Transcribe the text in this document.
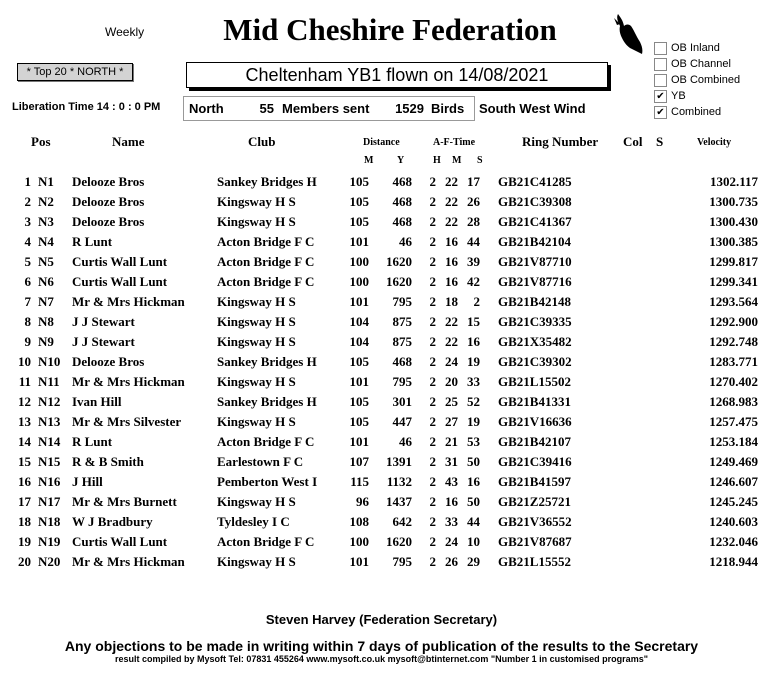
Weekly	Mid Cheshire Federation
* Top 20 * NORTH *	Cheltenham YB1 flown on 14/08/2021
Liberation Time 14 : 0 : 0 PM North	55 Members sent	1529 Birds South West Wind
OB Inland
OB Channel
OB Combined
✔ YB
✔ Combined
Pos	Name	Club	Distance	A-F-Time	Ring Number Col S	Velocity
M Y	H M S
1	N1	Delooze Bros	Sankey Bridges H	105	468	2	22	17	GB21C41285	1302.117
2	N2	Delooze Bros	Kingsway H S	105	468	2	22	26	GB21C39308	1300.735
3	N3	Delooze Bros	Kingsway H S	105	468	2	22	28	GB21C41367	1300.430
4	N4	R Lunt	Acton Bridge F C	101	46	2	16	44	GB21B42104	1300.385
5	N5	Curtis Wall Lunt	Acton Bridge F C	100	1620	2	16	39	GB21V87710	1299.817
6	N6	Curtis Wall Lunt	Acton Bridge F C	100	1620	2	16	42	GB21V87716	1299.341
7	N7	Mr & Mrs Hickman	Kingsway H S	101	795	2	18	2	GB21B42148	1293.564
8	N8	J J Stewart	Kingsway H S	104	875	2	22	15	GB21C39335	1292.900
9	N9	J J Stewart	Kingsway H S	104	875	2	22	16	GB21X35482	1292.748
10	N10	Delooze Bros	Sankey Bridges H	105	468	2	24	19	GB21C39302	1283.771
11	N11	Mr & Mrs Hickman	Kingsway H S	101	795	2	20	33	GB21L15502	1270.402
12	N12	Ivan Hill	Sankey Bridges H	105	301	2	25	52	GB21B41331	1268.983
13	N13	Mr & Mrs Silvester	Kingsway H S	105	447	2	27	19	GB21V16636	1257.475
14	N14	R Lunt	Acton Bridge F C	101	46	2	21	53	GB21B42107	1253.184
15	N15	R & B Smith	Earlestown F C	107	1391	2	31	50	GB21C39416	1249.469
16	N16	J Hill	Pemberton West I	115	1132	2	43	16	GB21B41597	1246.607
17	N17	Mr & Mrs Burnett	Kingsway H S	96	1437	2	16	50	GB21Z25721	1245.245
18	N18	W J Bradbury	Tyldesley I C	108	642	2	33	44	GB21V36552	1240.603
19	N19	Curtis Wall Lunt	Acton Bridge F C	100	1620	2	24	10	GB21V87687	1232.046
20	N20	Mr & Mrs Hickman	Kingsway H S	101	795	2	26	29	GB21L15552	1218.944
Steven Harvey (Federation Secretary)
Any objections to be made in writing within 7 days of publication of the results to the Secretary
result compiled by Mysoft Tel: 07831 455264 www.mysoft.co.uk mysoft@btinternet.com "Number 1 in customised programs"
